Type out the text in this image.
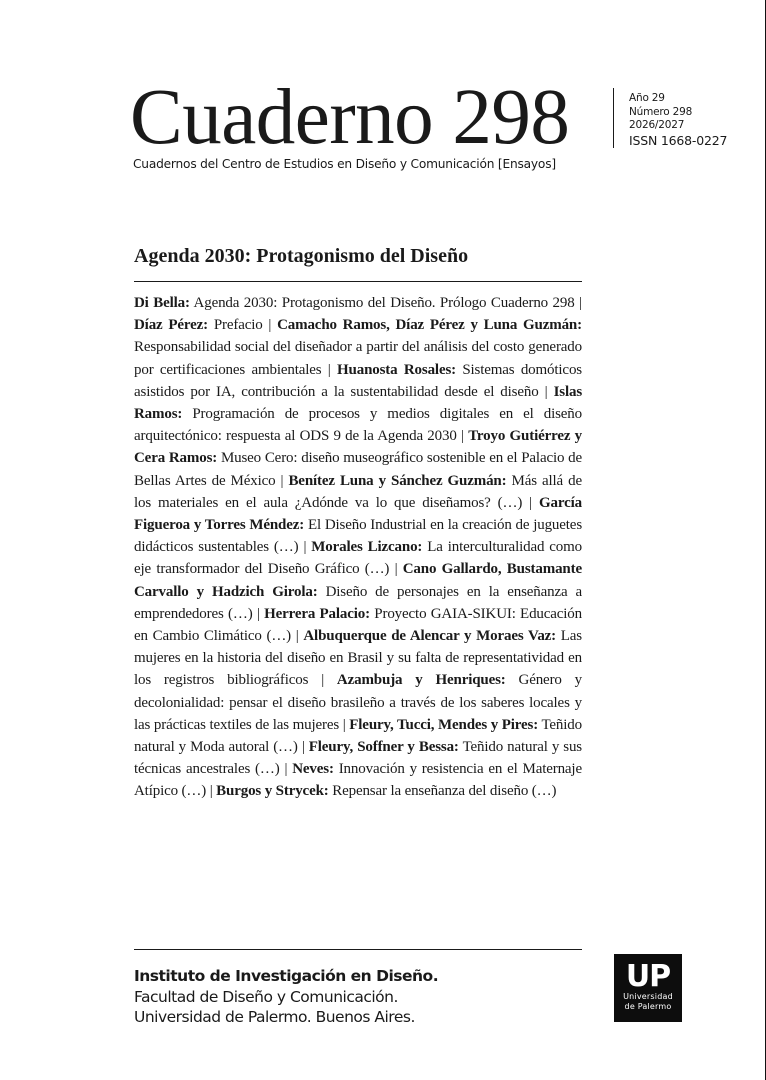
Cuaderno 298
Cuadernos del Centro de Estudios en Diseño y Comunicación [Ensayos]
Año 29
Número 298
2026/2027
ISSN 1668-0227
Agenda 2030: Protagonismo del Diseño
Di Bella: Agenda 2030: Protagonismo del Diseño. Prólogo Cuaderno 298 | Díaz Pérez: Prefacio | Camacho Ramos, Díaz Pérez y Luna Guzmán: Responsabilidad social del diseñador a partir del análisis del costo generado por certificaciones ambientales | Huanosta Rosales: Sistemas domóticos asistidos por IA, contribución a la sustentabilidad desde el diseño | Islas Ramos: Programación de procesos y medios digitales en el diseño arquitectónico: respuesta al ODS 9 de la Agenda 2030 | Troyo Gutiérrez y Cera Ramos: Museo Cero: diseño museográfico sostenible en el Palacio de Bellas Artes de México | Benítez Luna y Sánchez Guzmán: Más allá de los materiales en el aula ¿Adónde va lo que diseñamos? (…) | García Figueroa y Torres Méndez: El Diseño Industrial en la creación de juguetes didácticos sustentables (…) | Morales Lizcano: La interculturalidad como eje transformador del Diseño Gráfico (…) | Cano Gallardo, Bustamante Carvallo y Hadzich Girola: Diseño de personajes en la enseñanza a emprendedores (…) | Herrera Palacio: Proyecto GAIA-SIKUI: Educación en Cambio Climático (…) | Albuquerque de Alencar y Moraes Vaz: Las mujeres en la historia del diseño en Brasil y su falta de representatividad en los registros bibliográficos | Azambuja y Henriques: Género y decolonialidad: pensar el diseño brasileño a través de los saberes locales y las prácticas textiles de las mujeres | Fleury, Tucci, Mendes y Pires: Teñido natural y Moda autoral (…) | Fleury, Soffner y Bessa: Teñido natural y sus técnicas ancestrales (…) | Neves: Innovación y resistencia en el Maternaje Atípico (…) | Burgos y Strycek: Repensar la enseñanza del diseño (…)
Instituto de Investigación en Diseño.
Facultad de Diseño y Comunicación.
Universidad de Palermo. Buenos Aires.
UP
Universidad
de Palermo
